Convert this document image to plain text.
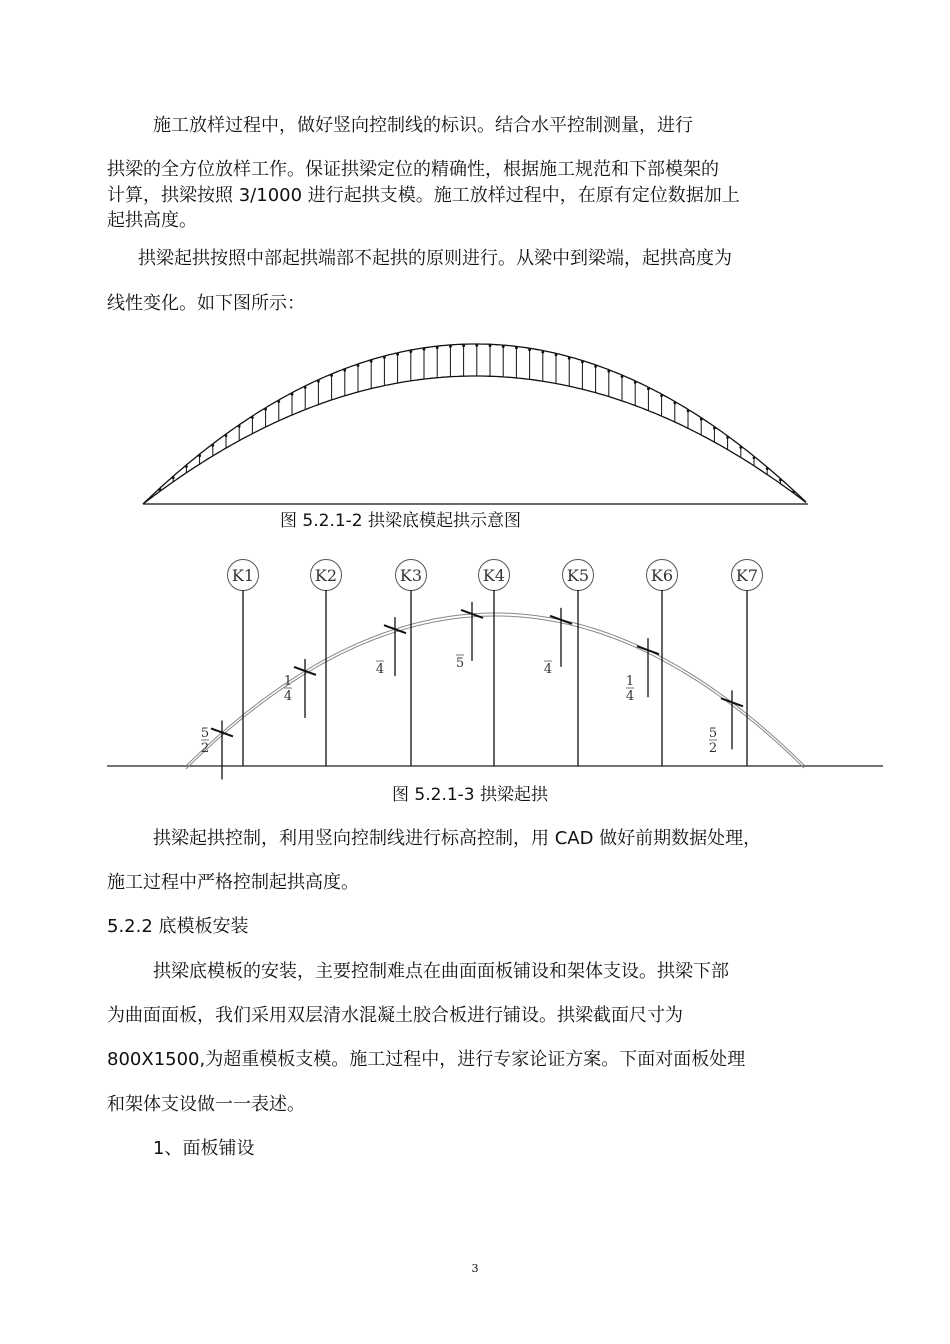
施工放样过程中，做好竖向控制线的标识。结合水平控制测量，进行
拱梁的全方位放样工作。保证拱梁定位的精确性，根据施工规范和下部模架的
计算，拱梁按照 3/1000 进行起拱支模。施工放样过程中，在原有定位数据加上
起拱高度。
拱梁起拱按照中部起拱端部不起拱的原则进行。从梁中到梁端，起拱高度为
线性变化。如下图所示：
图 5.2.1-2 拱梁底模起拱示意图
K1
5
2
K2
1
4
K3
4
K4
5
K5
4
K6
1
4
K7
5
2
图 5.2.1-3 拱梁起拱
拱梁起拱控制，利用竖向控制线进行标高控制，用 CAD 做好前期数据处理，
施工过程中严格控制起拱高度。
5.2.2 底模板安装
拱梁底模板的安装，主要控制难点在曲面面板铺设和架体支设。拱梁下部
为曲面面板，我们采用双层清水混凝土胶合板进行铺设。拱梁截面尺寸为
800X1500,为超重模板支模。施工过程中，进行专家论证方案。下面对面板处理
和架体支设做一一表述。
1、面板铺设
3
